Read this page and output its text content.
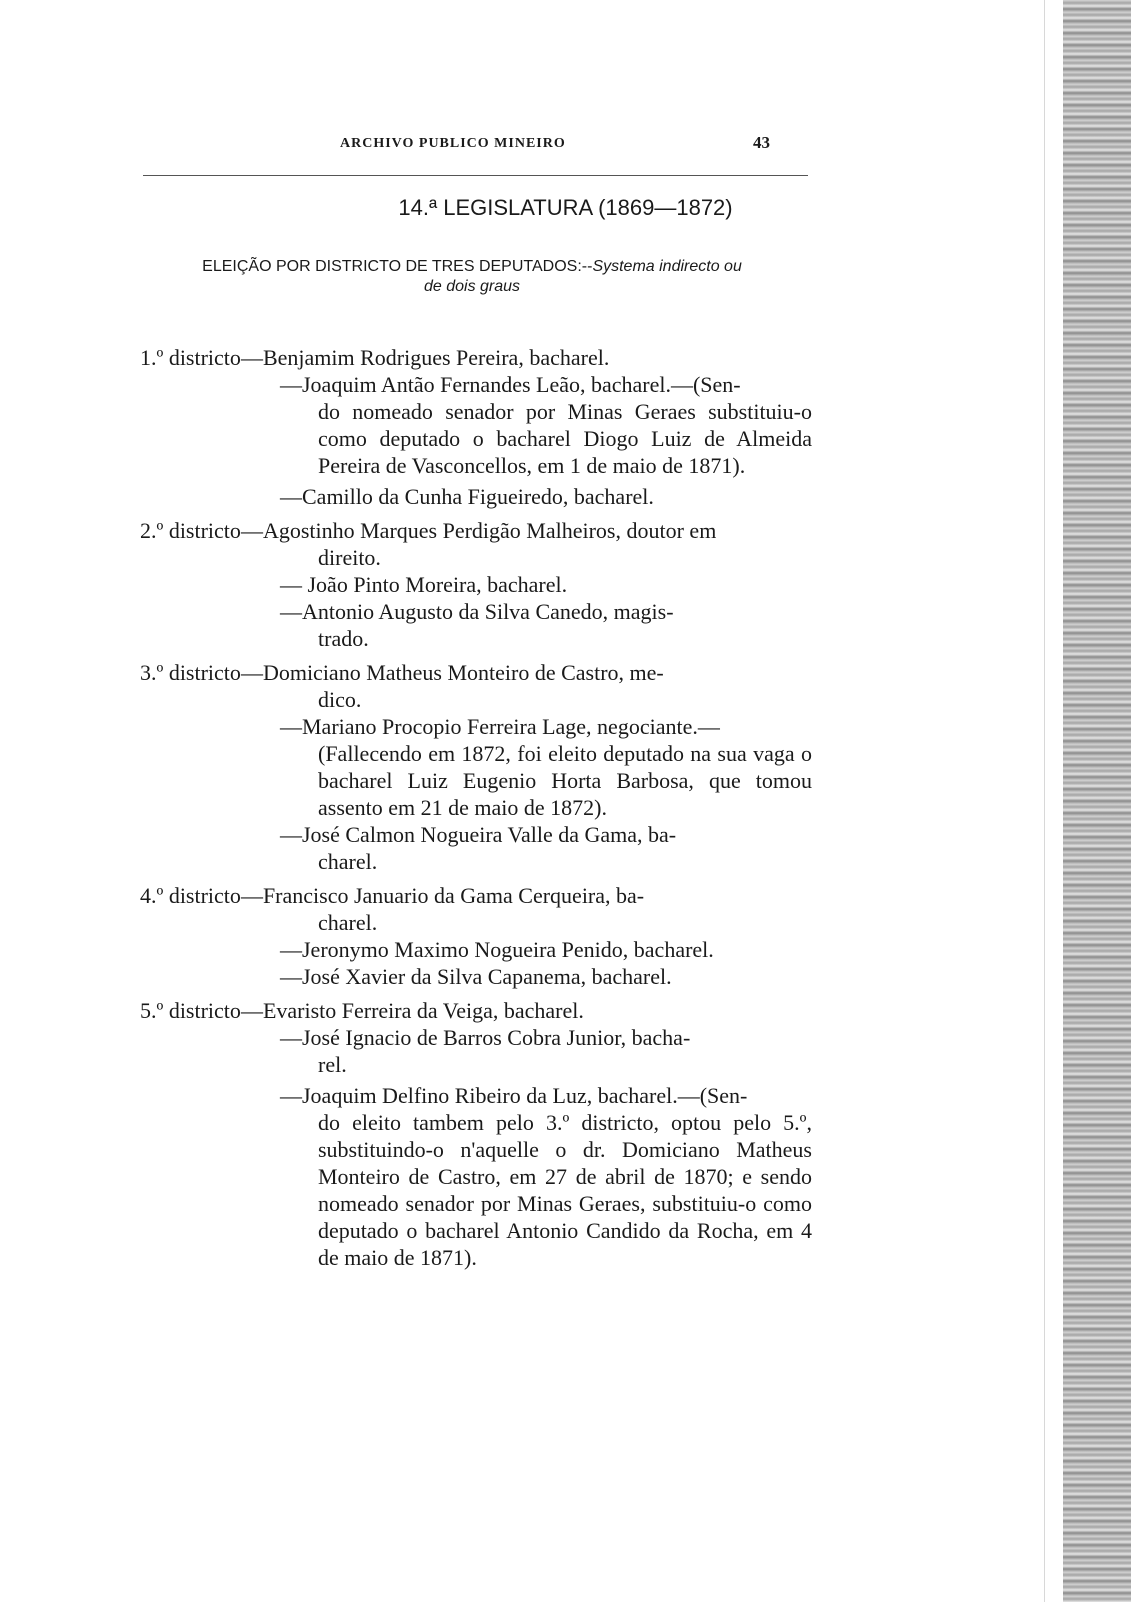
ARCHIVO PUBLICO MINEIRO	43
14.ª LEGISLATURA (1869—1872)
ELEIÇÃO POR DISTRICTO DE TRES DEPUTADOS:--Systema indirecto ou
de dois graus
1.º districto —Benjamim Rodrigues Pereira, bacharel.
—Joaquim Antão Fernandes Leão, bacharel.—(Sen-
do nomeado senador por Minas Geraes substituiu-o como deputado o bacharel Diogo Luiz de Almeida Pereira de Vasconcellos, em 1 de maio de 1871).
—Camillo da Cunha Figueiredo, bacharel.
2.º districto —Agostinho Marques Perdigão Malheiros, doutor em
direito.
— João Pinto Moreira, bacharel.
—Antonio Augusto da Silva Canedo, magis-
trado.
3.º districto —Domiciano Matheus Monteiro de Castro, me-
dico.
—Mariano Procopio Ferreira Lage, negociante.—
(Fallecendo em 1872, foi eleito deputado na sua vaga o bacharel Luiz Eugenio Horta Barbosa, que tomou assento em 21 de maio de 1872).
—José Calmon Nogueira Valle da Gama, ba-
charel.
4.º districto —Francisco Januario da Gama Cerqueira, ba-
charel.
—Jeronymo Maximo Nogueira Penido, bacharel.
—José Xavier da Silva Capanema, bacharel.
5.º districto —Evaristo Ferreira da Veiga, bacharel.
—José Ignacio de Barros Cobra Junior, bacha-
rel.
—Joaquim Delfino Ribeiro da Luz, bacharel.—(Sen-
do eleito tambem pelo 3.º districto, optou pelo 5.º, substituindo-o n'aquelle o dr. Domiciano Matheus Monteiro de Castro, em 27 de abril de 1870; e sendo nomeado senador por Minas Geraes, substituiu-o como deputado o bacharel Antonio Candido da Rocha, em 4 de maio de 1871).
